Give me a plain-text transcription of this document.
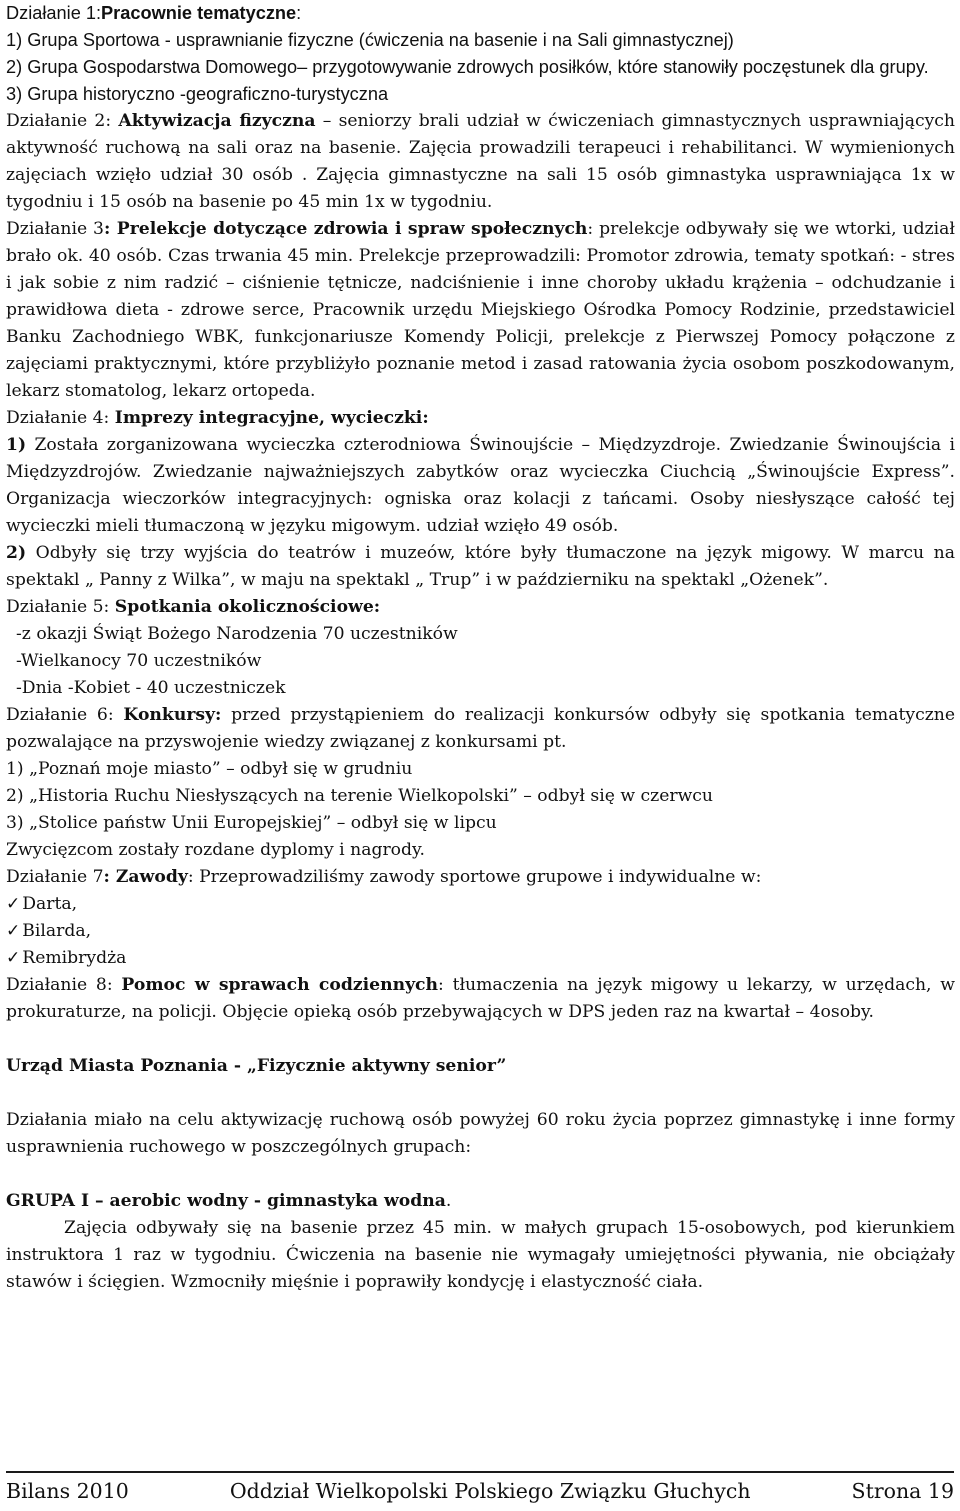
Działanie 1:Pracownie tematyczne:

1) Grupa Sportowa - usprawnianie fizyczne (ćwiczenia na basenie i na Sali gimnastycznej)

2) Grupa Gospodarstwa Domowego– przygotowywanie zdrowych posiłków, które stanowiły poczęstunek dla grupy.

3) Grupa historyczno -geograficzno-turystyczna

Działanie 2: Aktywizacja fizyczna – seniorzy brali udział w ćwiczeniach gimnastycznych usprawniających aktywność ruchową na sali oraz na basenie. Zajęcia prowadzili terapeuci i rehabilitanci. W wymienionych zajęciach wzięło udział 30 osób . Zajęcia gimnastyczne na sali 15 osób gimnastyka usprawniająca 1x w tygodniu i 15 osób na basenie po 45 min 1x w tygodniu.

Działanie 3: Prelekcje dotyczące zdrowia i spraw społecznych: prelekcje odbywały się we wtorki, udział brało ok. 40 osób. Czas trwania 45 min. Prelekcje przeprowadzili: Promotor zdrowia, tematy spotkań: - stres i jak sobie z nim radzić – ciśnienie tętnicze, nadciśnienie i inne choroby układu krążenia – odchudzanie i prawidłowa dieta - zdrowe serce, Pracownik urzędu Miejskiego Ośrodka Pomocy Rodzinie, przedstawiciel Banku Zachodniego WBK, funkcjonariusze Komendy Policji, prelekcje z Pierwszej Pomocy połączone z zajęciami praktycznymi, które przybliżyło poznanie metod i zasad ratowania życia osobom poszkodowanym, lekarz stomatolog, lekarz ortopeda.

Działanie 4: Imprezy integracyjne, wycieczki:

1) Została zorganizowana wycieczka czterodniowa Świnoujście – Międzyzdroje. Zwiedzanie Świnoujścia i Międzyzdrojów. Zwiedzanie najważniejszych zabytków oraz wycieczka Ciuchcią „Świnoujście Express”. Organizacja wieczorków integracyjnych: ogniska oraz kolacji z tańcami. Osoby niesłyszące całość tej wycieczki mieli tłumaczoną w języku migowym. udział wzięło 49 osób.

2) Odbyły się trzy wyjścia do teatrów i muzeów, które były tłumaczone na język migowy. W marcu na spektakl „ Panny z Wilka”, w maju na spektakl „ Trup” i w październiku na spektakl „Ożenek”.

Działanie 5: Spotkania okolicznościowe:

-z okazji Świąt Bożego Narodzenia 70 uczestników

-Wielkanocy 70 uczestników

-Dnia -Kobiet - 40 uczestniczek

Działanie 6: Konkursy: przed przystąpieniem do realizacji konkursów odbyły się spotkania tematyczne pozwalające na przyswojenie wiedzy związanej z konkursami pt.

1) „Poznań moje miasto” – odbył się w grudniu

2) „Historia Ruchu Niesłyszących na terenie Wielkopolski” – odbył się w czerwcu

3) „Stolice państw Unii Europejskiej” – odbył się w lipcu

Zwycięzcom zostały rozdane dyplomy i nagrody.

Działanie 7: Zawody: Przeprowadziliśmy zawody sportowe grupowe i indywidualne w:

✓ Darta,

✓ Bilarda,

✓ Remibrydża

Działanie 8: Pomoc w sprawach codziennych: tłumaczenia na język migowy u lekarzy, w urzędach, w prokuraturze, na policji. Objęcie opieką osób przebywających w DPS jeden raz na kwartał – 4osoby.

Urząd Miasta Poznania - „Fizycznie aktywny senior”

Działania miało na celu aktywizację ruchową osób powyżej 60 roku życia poprzez gimnastykę i inne formy usprawnienia ruchowego w poszczególnych grupach:

GRUPA I – aerobic wodny - gimnastyka wodna.

Zajęcia odbywały się na basenie przez 45 min. w małych grupach 15-osobowych, pod kierunkiem instruktora 1 raz w tygodniu. Ćwiczenia na basenie nie wymagały umiejętności pływania, nie obciążały stawów i ścięgien. Wzmocniły mięśnie i poprawiły kondycję i elastyczność ciała.

Bilans 2010	Oddział Wielkopolski Polskiego Związku Głuchych	Strona 19
